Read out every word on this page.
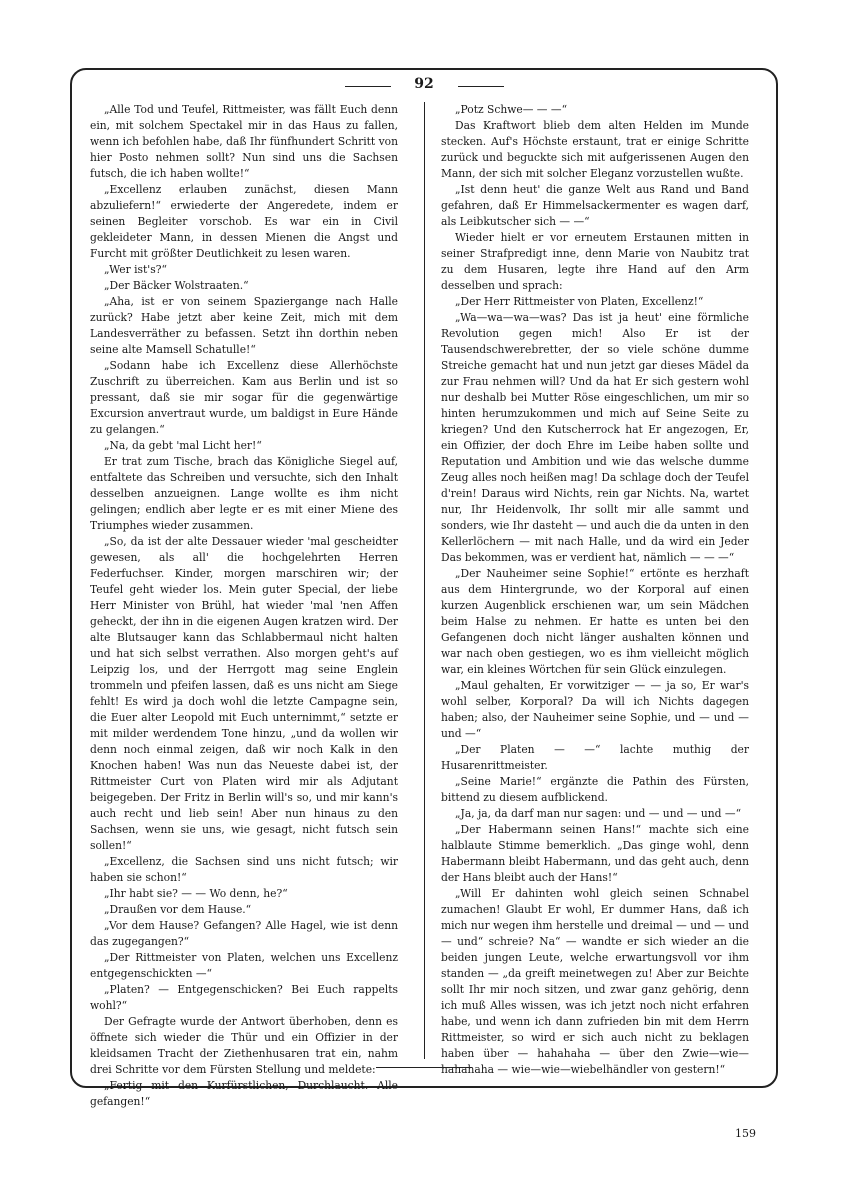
92

„Alle Tod und Teufel, Rittmeister, was fällt Euch denn ein, mit solchem Spectakel mir in das Haus zu fallen, wenn ich befohlen habe, daß Ihr fünfhundert Schritt von hier Posto nehmen sollt? Nun sind uns die Sachsen futsch, die ich haben wollte!“

„Excellenz erlauben zunächst, diesen Mann abzuliefern!“ erwiederte der Angeredete, indem er seinen Begleiter vorschob. Es war ein in Civil gekleideter Mann, in dessen Mienen die Angst und Furcht mit größter Deutlichkeit zu lesen waren.

„Wer ist's?“

„Der Bäcker Wolstraaten.“

„Aha, ist er von seinem Spaziergange nach Halle zurück? Habe jetzt aber keine Zeit, mich mit dem Landesverräther zu befassen. Setzt ihn dorthin neben seine alte Mamsell Schatulle!“

„Sodann habe ich Excellenz diese Allerhöchste Zuschrift zu überreichen. Kam aus Berlin und ist so pressant, daß sie mir sogar für die gegenwärtige Excursion anvertraut wurde, um baldigst in Eure Hände zu gelangen.“

„Na, da gebt 'mal Licht her!“

Er trat zum Tische, brach das Königliche Siegel auf, entfaltete das Schreiben und versuchte, sich den Inhalt desselben anzueignen. Lange wollte es ihm nicht gelingen; endlich aber legte er es mit einer Miene des Triumphes wieder zusammen.

„So, da ist der alte Dessauer wieder 'mal gescheidter gewesen, als all' die hochgelehrten Herren Federfuchser. Kinder, morgen marschiren wir; der Teufel geht wieder los. Mein guter Special, der liebe Herr Minister von Brühl, hat wieder 'mal 'nen Affen geheckt, der ihn in die eigenen Augen kratzen wird. Der alte Blutsauger kann das Schlabbermaul nicht halten und hat sich selbst verrathen. Also morgen geht's auf Leipzig los, und der Herrgott mag seine Englein trommeln und pfeifen lassen, daß es uns nicht am Siege fehlt! Es wird ja doch wohl die letzte Campagne sein, die Euer alter Leopold mit Euch unternimmt,“ setzte er mit milder werdendem Tone hinzu, „und da wollen wir denn noch einmal zeigen, daß wir noch Kalk in den Knochen haben! Was nun das Neueste dabei ist, der Rittmeister Curt von Platen wird mir als Adjutant beigegeben. Der Fritz in Berlin will's so, und mir kann's auch recht und lieb sein! Aber nun hinaus zu den Sachsen, wenn sie uns, wie gesagt, nicht futsch sein sollen!“

„Excellenz, die Sachsen sind uns nicht futsch; wir haben sie schon!“

„Ihr habt sie? — — Wo denn, he?“

„Draußen vor dem Hause.“

„Vor dem Hause? Gefangen? Alle Hagel, wie ist denn das zugegangen?“

„Der Rittmeister von Platen, welchen uns Excellenz entgegenschickten —“

„Platen? — Entgegenschicken? Bei Euch rappelts wohl?“

Der Gefragte wurde der Antwort überhoben, denn es öffnete sich wieder die Thür und ein Offizier in der kleidsamen Tracht der Ziethenhusaren trat ein, nahm drei Schritte vor dem Fürsten Stellung und meldete:

„Fertig mit den Kurfürstlichen, Durchlaucht. Alle gefangen!“

„Potz Schwe— — —“

Das Kraftwort blieb dem alten Helden im Munde stecken. Auf's Höchste erstaunt, trat er einige Schritte zurück und beguckte sich mit aufgerissenen Augen den Mann, der sich mit solcher Eleganz vorzustellen wußte.

„Ist denn heut' die ganze Welt aus Rand und Band gefahren, daß Er Himmelsackermenter es wagen darf, als Leibkutscher sich — —“

Wieder hielt er vor erneutem Erstaunen mitten in seiner Strafpredigt inne, denn Marie von Naubitz trat zu dem Husaren, legte ihre Hand auf den Arm desselben und sprach:

„Der Herr Rittmeister von Platen, Excellenz!“

„Wa—wa—wa—was? Das ist ja heut' eine förmliche Revolution gegen mich! Also Er ist der Tausendschwerebretter, der so viele schöne dumme Streiche gemacht hat und nun jetzt gar dieses Mädel da zur Frau nehmen will? Und da hat Er sich gestern wohl nur deshalb bei Mutter Röse eingeschlichen, um mir so hinten herumzukommen und mich auf Seine Seite zu kriegen? Und den Kutscherrock hat Er angezogen, Er, ein Offizier, der doch Ehre im Leibe haben sollte und Reputation und Ambition und wie das welsche dumme Zeug alles noch heißen mag! Da schlage doch der Teufel d'rein! Daraus wird Nichts, rein gar Nichts. Na, wartet nur, Ihr Heidenvolk, Ihr sollt mir alle sammt und sonders, wie Ihr dasteht — und auch die da unten in den Kellerlöchern — mit nach Halle, und da wird ein Jeder Das bekommen, was er verdient hat, nämlich — — —“

„Der Nauheimer seine Sophie!“ ertönte es herzhaft aus dem Hintergrunde, wo der Korporal auf einen kurzen Augenblick erschienen war, um sein Mädchen beim Halse zu nehmen. Er hatte es unten bei den Gefangenen doch nicht länger aushalten können und war nach oben gestiegen, wo es ihm vielleicht möglich war, ein kleines Wörtchen für sein Glück einzulegen.

„Maul gehalten, Er vorwitziger — — ja so, Er war's wohl selber, Korporal? Da will ich Nichts dagegen haben; also, der Nauheimer seine Sophie, und — und — und —“

„Der Platen — —“ lachte muthig der Husarenrittmeister.

„Seine Marie!“ ergänzte die Pathin des Fürsten, bittend zu diesem aufblickend.

„Ja, ja, da darf man nur sagen: und — und — und —“

„Der Habermann seinen Hans!“ machte sich eine halblaute Stimme bemerklich. „Das ginge wohl, denn Habermann bleibt Habermann, und das geht auch, denn der Hans bleibt auch der Hans!“

„Will Er dahinten wohl gleich seinen Schnabel zumachen! Glaubt Er wohl, Er dummer Hans, daß ich mich nur wegen ihm herstelle und dreimal — und — und — und“ schreie? Na“ — wandte er sich wieder an die beiden jungen Leute, welche erwartungsvoll vor ihm standen — „da greift meinetwegen zu! Aber zur Beichte sollt Ihr mir noch sitzen, und zwar ganz gehörig, denn ich muß Alles wissen, was ich jetzt noch nicht erfahren habe, und wenn ich dann zufrieden bin mit dem Herrn Rittmeister, so wird er sich auch nicht zu beklagen haben über — hahahaha — über den Zwie—wie— hahahaha — wie—wie—wiebelhändler von gestern!“

159
